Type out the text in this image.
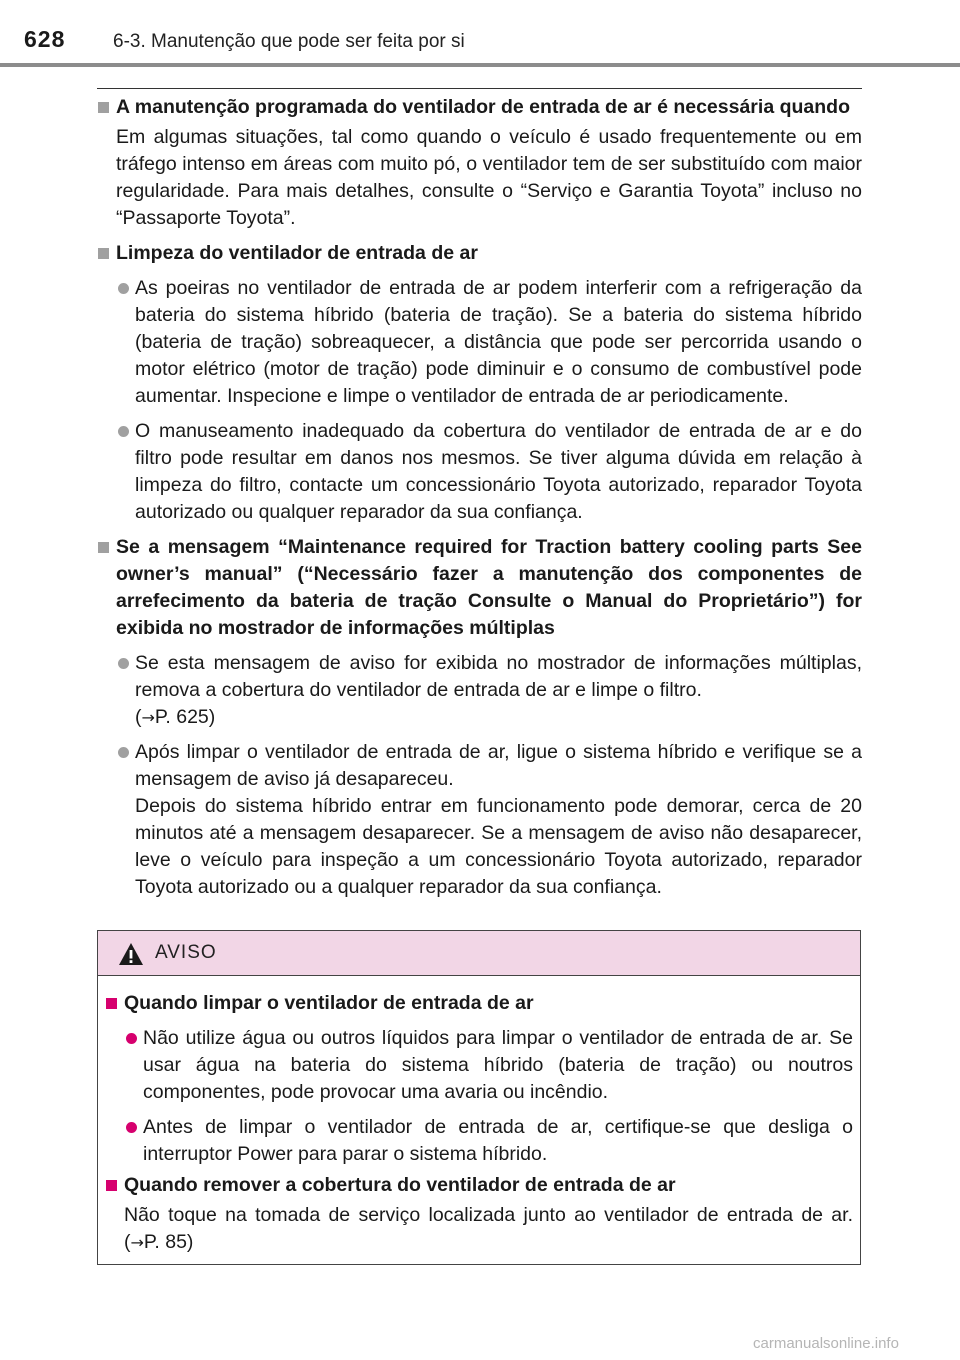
628	6-3. Manutenção que pode ser feita por si
A manutenção programada do ventilador de entrada de ar é necessária quando
Em algumas situações, tal como quando o veículo é usado frequentemente ou em tráfego intenso em áreas com muito pó, o ventilador tem de ser substituído com maior regularidade. Para mais detalhes, consulte o “Serviço e Garantia Toyota” incluso no “Passaporte Toyota”.
Limpeza do ventilador de entrada de ar
As poeiras no ventilador de entrada de ar podem interferir com a refrigeração da bateria do sistema híbrido (bateria de tração). Se a bateria do sistema híbrido (bateria de tração) sobreaquecer, a distância que pode ser percorrida usando o motor elétrico (motor de tração) pode diminuir e o consumo de combustível pode aumentar. Inspecione e limpe o ventilador de entrada de ar periodicamente.
O manuseamento inadequado da cobertura do ventilador de entrada de ar e do filtro pode resultar em danos nos mesmos. Se tiver alguma dúvida em relação à limpeza do filtro, contacte um concessionário Toyota autorizado, reparador Toyota autorizado ou qualquer reparador da sua confiança.
Se a mensagem “Maintenance required for Traction battery cooling parts See owner’s manual” (“Necessário fazer a manutenção dos componentes de arrefecimento da bateria de tração Consulte o Manual do Proprietário”) for exibida no mostrador de informações múltiplas
Se esta mensagem de aviso for exibida no mostrador de informações múltiplas, remova a cobertura do ventilador de entrada de ar e limpe o filtro.
(→P. 625)
Após limpar o ventilador de entrada de ar, ligue o sistema híbrido e verifique se a mensagem de aviso já desapareceu.
Depois do sistema híbrido entrar em funcionamento pode demorar, cerca de 20 minutos até a mensagem desaparecer. Se a mensagem de aviso não desaparecer, leve o veículo para inspeção a um concessionário Toyota autorizado, reparador Toyota autorizado ou a qualquer reparador da sua confiança.
AVISO
Quando limpar o ventilador de entrada de ar
Não utilize água ou outros líquidos para limpar o ventilador de entrada de ar. Se usar água na bateria do sistema híbrido (bateria de tração) ou noutros componentes, pode provocar uma avaria ou incêndio.
Antes de limpar o ventilador de entrada de ar, certifique-se que desliga o interruptor Power para parar o sistema híbrido.
Quando remover a cobertura do ventilador de entrada de ar
Não toque na tomada de serviço localizada junto ao ventilador de entrada de ar. (→P. 85)
carmanualsonline.info
